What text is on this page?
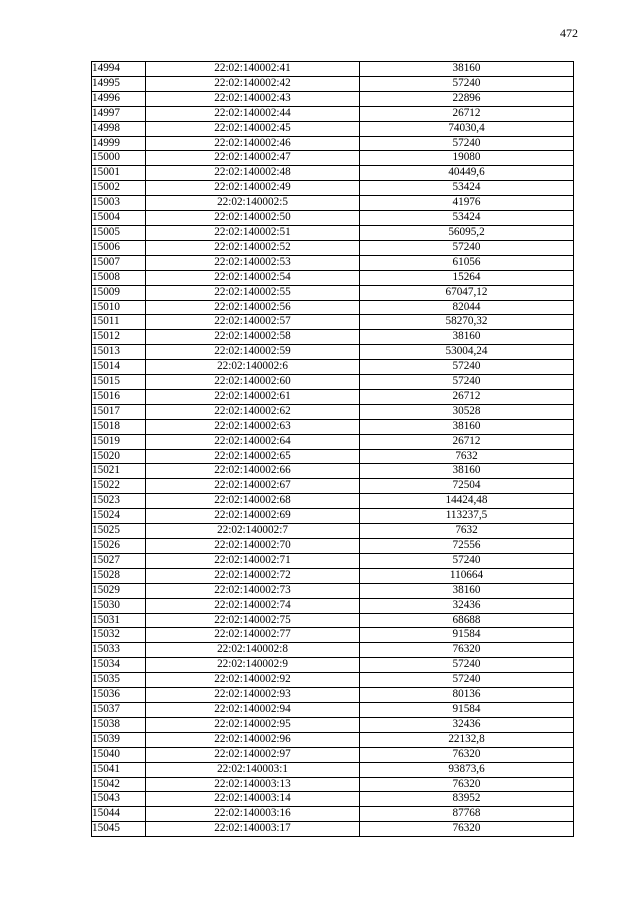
472
14994	22:02:140002:41	38160
14995	22:02:140002:42	57240
14996	22:02:140002:43	22896
14997	22:02:140002:44	26712
14998	22:02:140002:45	74030,4
14999	22:02:140002:46	57240
15000	22:02:140002:47	19080
15001	22:02:140002:48	40449,6
15002	22:02:140002:49	53424
15003	22:02:140002:5	41976
15004	22:02:140002:50	53424
15005	22:02:140002:51	56095,2
15006	22:02:140002:52	57240
15007	22:02:140002:53	61056
15008	22:02:140002:54	15264
15009	22:02:140002:55	67047,12
15010	22:02:140002:56	82044
15011	22:02:140002:57	58270,32
15012	22:02:140002:58	38160
15013	22:02:140002:59	53004,24
15014	22:02:140002:6	57240
15015	22:02:140002:60	57240
15016	22:02:140002:61	26712
15017	22:02:140002:62	30528
15018	22:02:140002:63	38160
15019	22:02:140002:64	26712
15020	22:02:140002:65	7632
15021	22:02:140002:66	38160
15022	22:02:140002:67	72504
15023	22:02:140002:68	14424,48
15024	22:02:140002:69	113237,5
15025	22:02:140002:7	7632
15026	22:02:140002:70	72556
15027	22:02:140002:71	57240
15028	22:02:140002:72	110664
15029	22:02:140002:73	38160
15030	22:02:140002:74	32436
15031	22:02:140002:75	68688
15032	22:02:140002:77	91584
15033	22:02:140002:8	76320
15034	22:02:140002:9	57240
15035	22:02:140002:92	57240
15036	22:02:140002:93	80136
15037	22:02:140002:94	91584
15038	22:02:140002:95	32436
15039	22:02:140002:96	22132,8
15040	22:02:140002:97	76320
15041	22:02:140003:1	93873,6
15042	22:02:140003:13	76320
15043	22:02:140003:14	83952
15044	22:02:140003:16	87768
15045	22:02:140003:17	76320
